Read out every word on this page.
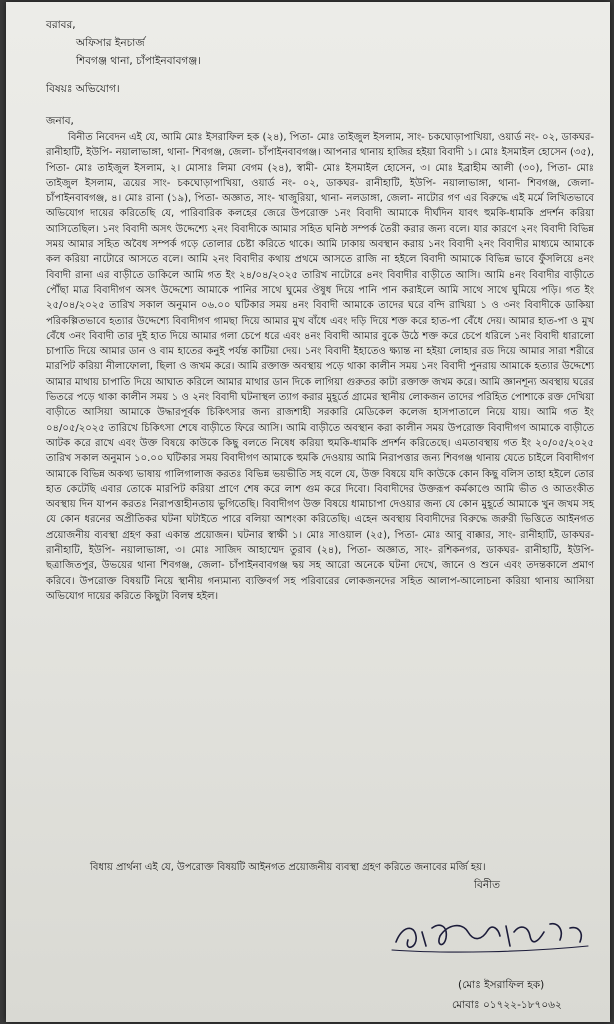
বরাবর,
অফিসার ইনচার্জ
শিবগঞ্জ থানা, চাঁপাইনবাবগঞ্জ।
বিষয়ঃ অভিযোগ।
জনাব,

বিনীত নিবেদন এই যে, আমি মোঃ ইসরাফিল হক (২৪), পিতা- মোঃ তাইজুল ইসলাম, সাং- চকঘোড়াপাখিয়া, ওয়ার্ড নং- ০২, ডাকঘর- রানীহাটি, ইউপি- নয়ালাভাঙ্গা, থানা- শিবগঞ্জ, জেলা- চাঁপাইনবাবগঞ্জ। আপনার থানায় হাজির হইয়া বিবাদী ১। মোঃ ইসমাইল হোসেন (৩৫), পিতা- মোঃ তাইজুল ইসলাম, ২। মোসাঃ লিমা বেগম (২৪), স্বামী- মোঃ ইসমাইল হোসেন, ৩। মোঃ ইব্রাহীম আলী (৩০), পিতা- মোঃ তাইজুল ইসলাম, ত্রয়ের সাং- চকঘোড়াপাখিয়া, ওয়ার্ড নং- ০২, ডাকঘর- রানীহাটি, ইউপি- নয়ালাভাঙ্গা, থানা- শিবগঞ্জ, জেলা- চাঁপাইনবাবগঞ্জ, ৪। মোঃ রানা (১৯), পিতা- অজ্ঞাত, সাং- খাজুরিয়া, থানা- নলডাঙ্গা, জেলা- নাটোর গণ এর বিরুদ্ধে এই মর্মে লিখিতভাবে অভিযোগ দায়ের করিতেছি যে, পারিবারিক কলহের জেরে উপরোক্ত ১নং বিবাদী আমাকে দীর্ঘদিন যাবৎ হুমকি-ধামকি প্রদর্শন করিয়া আসিতেছিল। ১নং বিবাদী অসৎ উদ্দেশ্যে ২নং বিবাদীকে আমার সহিত ঘনিষ্ঠ সম্পর্ক তৈরী করার জন্য বলে। যার কারণে ২নং বিবাদী বিভিন্ন সময় আমার সহিত অবৈধ সম্পর্ক গড়ে তোলার চেষ্টা করিতে থাকে। আমি ঢাকায় অবস্থান করায় ১নং বিবাদী ২নং বিবাদীর মাধ্যমে আমাকে কল করিয়া নাটোরে আসতে বলে। আমি ২নং বিবাদীর কথায় প্রথমে আসতে রাজি না হইলে বিবাদী আমাকে বিভিন্ন ভাবে ফুঁসলিয়ে ৪নং বিবাদী রানা এর বাড়ীতে ডাকিলে আমি গত ইং ২৪/০৪/২০২৫ তারিখ নাটোরে ৪নং বিবাদীর বাড়ীতে আসি। আমি ৪নং বিবাদীর বাড়ীতে পৌঁছা মাত্র বিবাদীগণ অসৎ উদ্দেশ্যে আমাকে পানির সাথে ঘুমের ঔষুধ দিয়ে পানি পান করাইলে আমি সাথে সাথে ঘুমিয়ে পড়ি। গত ইং ২৫/০৪/২০২৫ তারিখ সকাল অনুমান ০৬.০০ ঘটিকার সময় ৪নং বিবাদী আমাকে তাদের ঘরে বন্দি রাখিয়া ১ ও ৩নং বিবাদীকে ডাকিয়া পরিকল্পিতভাবে হত্যার উদ্দেশ্যে বিবাদীগণ গামছা দিয়ে আমার মুখ বাঁধে এবং দড়ি দিয়ে শক্ত করে হাত-পা বেঁধে দেয়। আমার হাত-পা ও মুখ বেঁধে ৩নং বিবাদী তার দুই হাত দিয়ে আমার গলা চেপে ধরে এবং ৪নং বিবাদী আমার বুকে উঠে শক্ত করে চেপে ধরিলে ১নং বিবাদী ধারালো চাপাতি দিয়ে আমার ডান ও বাম হাতের কনুই পর্যন্ত কাটিয়া দেয়। ১নং বিবাদী ইহাতেও ক্ষ্যান্ত না হইয়া লোহার রড দিয়ে আমার সারা শরীরে মারপিট করিয়া নীলাফোলা, ছিলা ও জখম করে। আমি রক্তাক্ত অবস্থায় পড়ে থাকা কালীন সময় ১নং বিবাদী পুনরায় আমাকে হত্যার উদ্দেশ্যে আমার মাথায় চাপাতি দিয়ে আঘাত করিলে আমার মাথার ডান দিকে লাগিয়া গুরুতর কাটা রক্তাক্ত জখম করে। আমি জ্ঞানশূন্য অবস্থায় ঘরের ভিতরে পড়ে থাকা কালীন সময় ১ ও ২নং বিবাদী ঘটনাস্থল ত্যাগ করার মুহূর্তে গ্রামের স্থানীয় লোকজন তাদের পরিহিত পোশাকে রক্ত দেখিয়া বাড়ীতে আসিয়া আমাকে উদ্ধারপূর্বক চিকিৎসার জন্য রাজশাহী সরকারি মেডিকেল কলেজ হাসপাতালে নিয়ে যায়। আমি গত ইং ০৪/০৫/২০২৫ তারিখে চিকিৎসা শেষে বাড়ীতে ফিরে আসি। আমি বাড়ীতে অবস্থান করা কালীন সময় উপরোক্ত বিবাদীগণ আমাকে বাড়ীতে আটক করে রাখে এবং উক্ত বিষয়ে কাউকে কিছু বলতে নিষেধ করিয়া হুমকি-ধামকি প্রদর্শন করিতেছে। এমতাবস্থায় গত ইং ২০/০৫/২০২৫ তারিখ সকাল অনুমান ১০.০০ ঘটিকার সময় বিবাদীগণ আমাকে হুমকি দেওয়ায় আমি নিরাপত্তার জন্য শিবগঞ্জ থানায় যেতে চাইলে বিবাদীগণ আমাকে বিভিন্ন অকথ্য ভাষায় গালিগালাজ করতঃ বিভিন্ন ভয়ভীতি সহ বলে যে, উক্ত বিষয়ে যদি কাউকে কোন কিছু বলিস তাহা হইলে তোর হাত কেটেছি এবার তোকে মারপিট করিয়া প্রাণে শেষ করে লাশ গুম করে দিবো। বিবাদীদের উক্তরূপ কর্মকাণ্ডে আমি ভীত ও আতংকীত অবস্থায় দিন যাপন করতঃ নিরাপত্তাহীনতায় ভুগিতেছি। বিবাদীগণ উক্ত বিষয়ে ধামাচাপা দেওয়ার জন্য যে কোন মুহূর্তে আমাকে খুন জখম সহ যে কোন ধরনের অপ্রীতিকর ঘটনা ঘটাইতে পারে বলিয়া আশংকা করিতেছি। এহেন অবস্থায় বিবাদীদের বিরুদ্ধে জরুরী ভিত্তিতে আইনগত প্রয়োজনীয় ব্যবস্থা গ্রহণ করা একান্ত প্রয়োজন। ঘটনার স্বাক্ষী ১। মোঃ সাওয়াল (২৫), পিতা- মোঃ আবু বাক্কার, সাং- রানীহাটি, ডাকঘর- রানীহাটি, ইউপি- নয়ালাভাঙ্গা, ৩। মোঃ সাজিদ আহাম্মেদ তুরাব (২৪), পিতা- অজ্ঞাত, সাং- রশিকনগর, ডাকঘর- রানীহাটি, ইউপি- ছত্রাজিতপুর, উভয়ের থানা শিবগঞ্জ, জেলা- চাঁপাইনবাবগঞ্জ দ্বয় সহ আরো অনেকে ঘটনা দেখে, জানে ও শুনে এবং তদন্তকালে প্রমাণ করিবে। উপরোক্ত বিষয়টি নিয়ে স্থানীয় গন্যমান্য ব্যক্তিবর্গ সহ পরিবারের লোকজনদের সহিত আলাপ-আলোচনা করিয়া থানায় আসিয়া অভিযোগ দায়ের করিতে কিছুটা বিলম্ব হইল।

বিধায় প্রার্থনা এই যে, উপরোক্ত বিষয়টি আইনগত প্রয়োজনীয় ব্যবস্থা গ্রহণ করিতে জনাবের মর্জি হয়।
বিনীত
(মোঃ ইসরাফিল হক)
মোবাঃ ০১৭২২-১৮৭০৬২
